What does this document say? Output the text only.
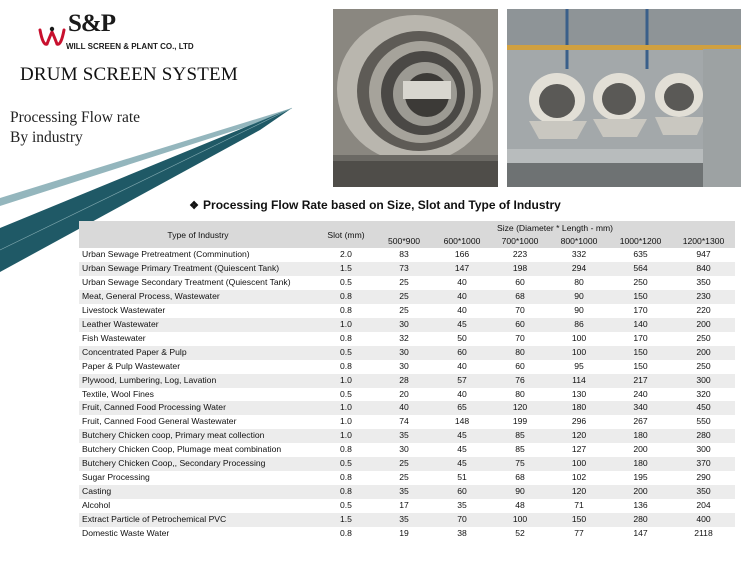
S&P
WILL SCREEN & PLANT CO., LTD
DRUM SCREEN SYSTEM
Processing Flow rate
By industry
❖ Processing Flow Rate based on Size, Slot and Type of Industry
Type of Industry	Slot (mm)	Size (Diameter * Length - mm)					
		500*900	600*1000	700*1000	800*1000	1000*1200	1200*1300
Urban Sewage Pretreatment (Comminution)	2.0	83	166	223	332	635	947
Urban Sewage Primary Treatment (Quiescent Tank)	1.5	73	147	198	294	564	840
Urban Sewage Secondary Treatment (Quiescent Tank)	0.5	25	40	60	80	250	350
Meat, General Process, Wastewater	0.8	25	40	68	90	150	230
Livestock Wastewater	0.8	25	40	70	90	170	220
Leather Wastewater	1.0	30	45	60	86	140	200
Fish Wastewater	0.8	32	50	70	100	170	250
Concentrated Paper & Pulp	0.5	30	60	80	100	150	200
Paper & Pulp Wastewater	0.8	30	40	60	95	150	250
Plywood, Lumbering, Log, Lavation	1.0	28	57	76	114	217	300
Textile, Wool Fines	0.5	20	40	80	130	240	320
Fruit, Canned Food Processing Water	1.0	40	65	120	180	340	450
Fruit, Canned Food General Wastewater	1.0	74	148	199	296	267	550
Butchery Chicken coop, Primary meat collection	1.0	35	45	85	120	180	280
Butchery Chicken Coop, Plumage meat combination	0.8	30	45	85	127	200	300
Butchery Chicken Coop,, Secondary Processing	0.5	25	45	75	100	180	370
Sugar Processing	0.8	25	51	68	102	195	290
Casting	0.8	35	60	90	120	200	350
Alcohol	0.5	17	35	48	71	136	204
Extract Particle of Petrochemical PVC	1.5	35	70	100	150	280	400
Domestic Waste Water	0.8	19	38	52	77	147	2118
